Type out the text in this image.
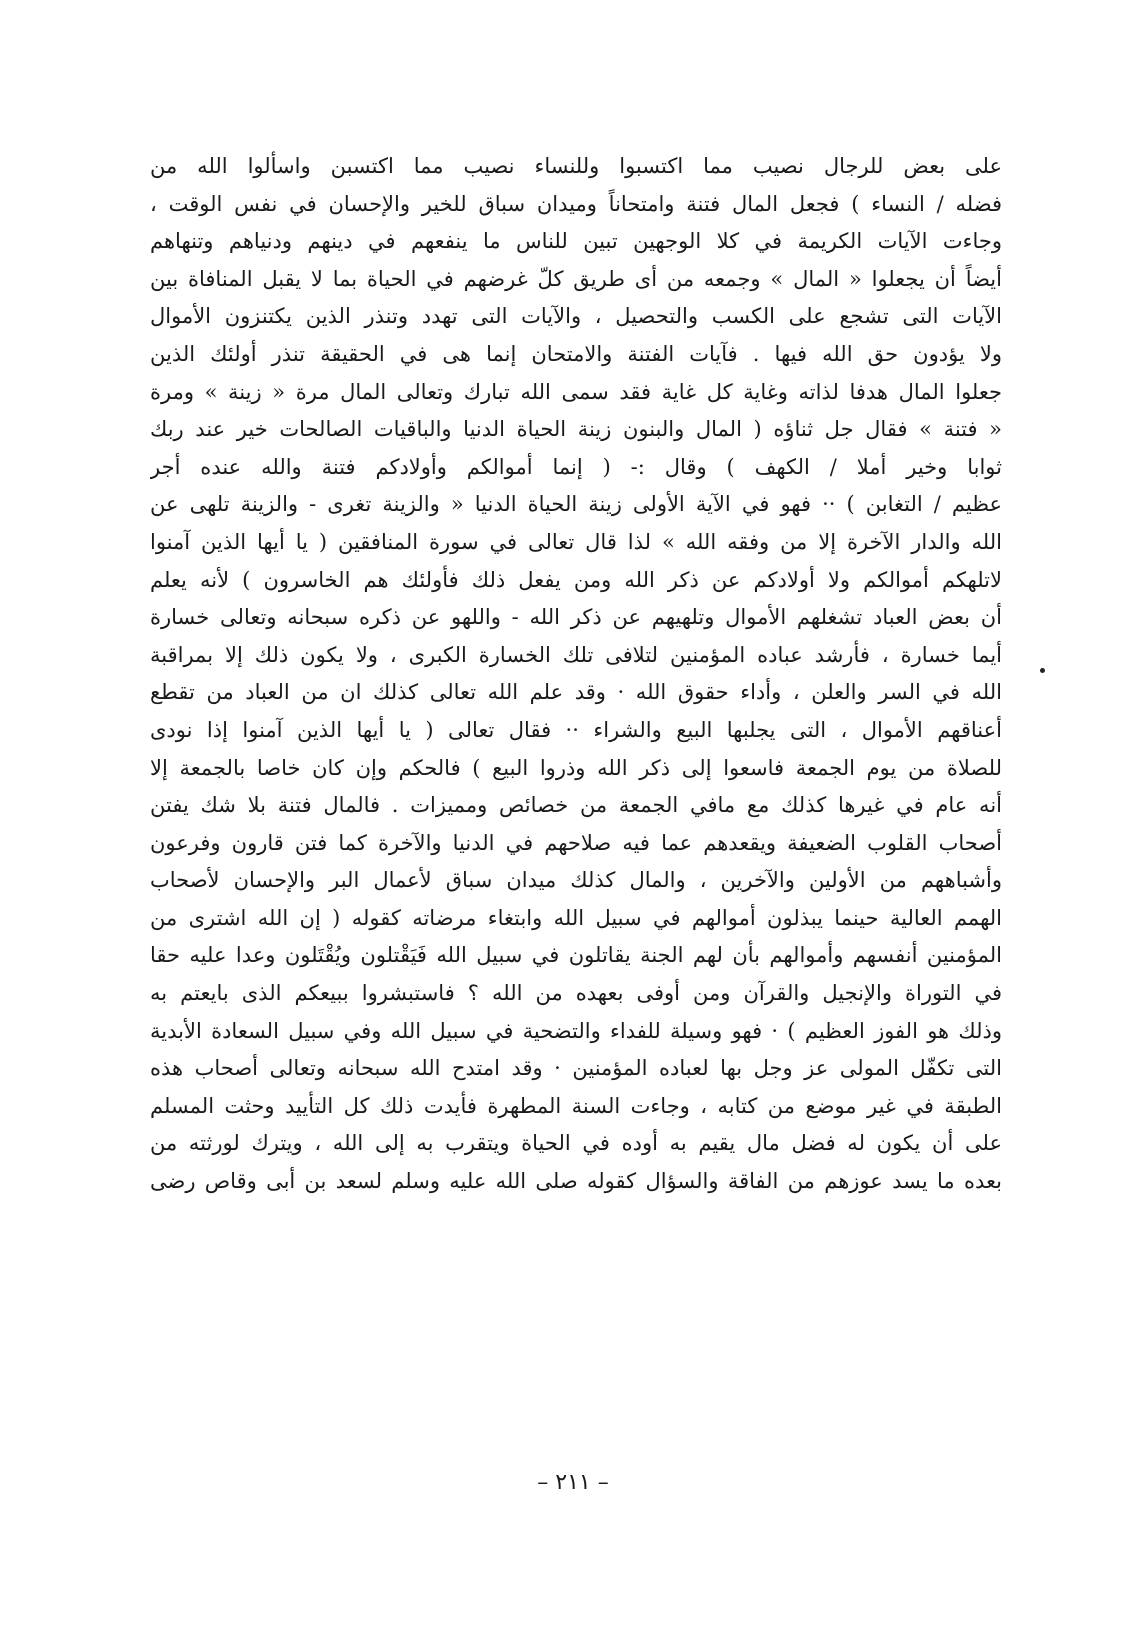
على بعض للرجال نصيب مما اكتسبوا وللنساء نصيب مما اكتسبن واسألوا الله من
فضله / النساء ) فجعل المال فتنة وامتحاناً وميدان سباق للخير والإحسان في نفس الوقت ،
وجاءت الآيات الكريمة في كلا الوجهين تبين للناس ما ينفعهم في دينهم ودنياهم وتنهاهم
أيضاً أن يجعلوا « المال » وجمعه من أى طريق كلّ غرضهم في الحياة بما لا يقبل المنافاة بين
الآيات التى تشجع على الكسب والتحصيل ، والآيات التى تهدد وتنذر الذين يكتنزون الأموال
ولا يؤدون حق الله فيها . فآيات الفتنة والامتحان إنما هى في الحقيقة تنذر أولئك الذين
جعلوا المال هدفا لذاته وغاية كل غاية فقد سمى الله تبارك وتعالى المال مرة « زينة » ومرة
« فتنة » فقال جل ثناؤه ( المال والبنون زينة الحياة الدنيا والباقيات الصالحات خير عند ربك
ثوابا وخير أملا / الكهف ) وقال :- ( إنما أموالكم وأولادكم فتنة والله عنده أجر
عظيم / التغابن ) ·· فهو في الآية الأولى زينة الحياة الدنيا « والزينة تغرى - والزينة تلهى عن
الله والدار الآخرة إلا من وفقه الله » لذا قال تعالى في سورة المنافقين ( يا أيها الذين آمنوا
لاتلهكم أموالكم ولا أولادكم عن ذكر الله ومن يفعل ذلك فأولئك هم الخاسرون ) لأنه يعلم
أن بعض العباد تشغلهم الأموال وتلهيهم عن ذكر الله - واللهو عن ذكره سبحانه وتعالى خسارة
أيما خسارة ، فأرشد عباده المؤمنين لتلافى تلك الخسارة الكبرى ، ولا يكون ذلك إلا بمراقبة
الله في السر والعلن ، وأداء حقوق الله · وقد علم الله تعالى كذلك ان من العباد من تقطع
أعناقهم الأموال ، التى يجلبها البيع والشراء ·· فقال تعالى ( يا أيها الذين آمنوا إذا نودى
للصلاة من يوم الجمعة فاسعوا إلى ذكر الله وذروا البيع ) فالحكم وإن كان خاصا بالجمعة إلا
أنه عام في غيرها كذلك مع مافي الجمعة من خصائص ومميزات . فالمال فتنة بلا شك يفتن
أصحاب القلوب الضعيفة ويقعدهم عما فيه صلاحهم في الدنيا والآخرة كما فتن قارون وفرعون
وأشباههم من الأولين والآخرين ، والمال كذلك ميدان سباق لأعمال البر والإحسان لأصحاب
الهمم العالية حينما يبذلون أموالهم في سبيل الله وابتغاء مرضاته كقوله ( إن الله اشترى من
المؤمنين أنفسهم وأموالهم بأن لهم الجنة يقاتلون في سبيل الله فَيَقْتلون ويُقْتَلون وعدا عليه حقا
في التوراة والإنجيل والقرآن ومن أوفى بعهده من الله ؟ فاستبشروا ببيعكم الذى بايعتم به
وذلك هو الفوز العظيم ) · فهو وسيلة للفداء والتضحية في سبيل الله وفي سبيل السعادة الأبدية
التى تكفّل المولى عز وجل بها لعباده المؤمنين · وقد امتدح الله سبحانه وتعالى أصحاب هذه
الطبقة في غير موضع من كتابه ، وجاءت السنة المطهرة فأيدت ذلك كل التأييد وحثت المسلم
على أن يكون له فضل مال يقيم به أوده في الحياة ويتقرب به إلى الله ، ويترك لورثته من
بعده ما يسد عوزهم من الفاقة والسؤال كقوله صلى الله عليه وسلم لسعد بن أبى وقاص رضى
– ٢١١ –
